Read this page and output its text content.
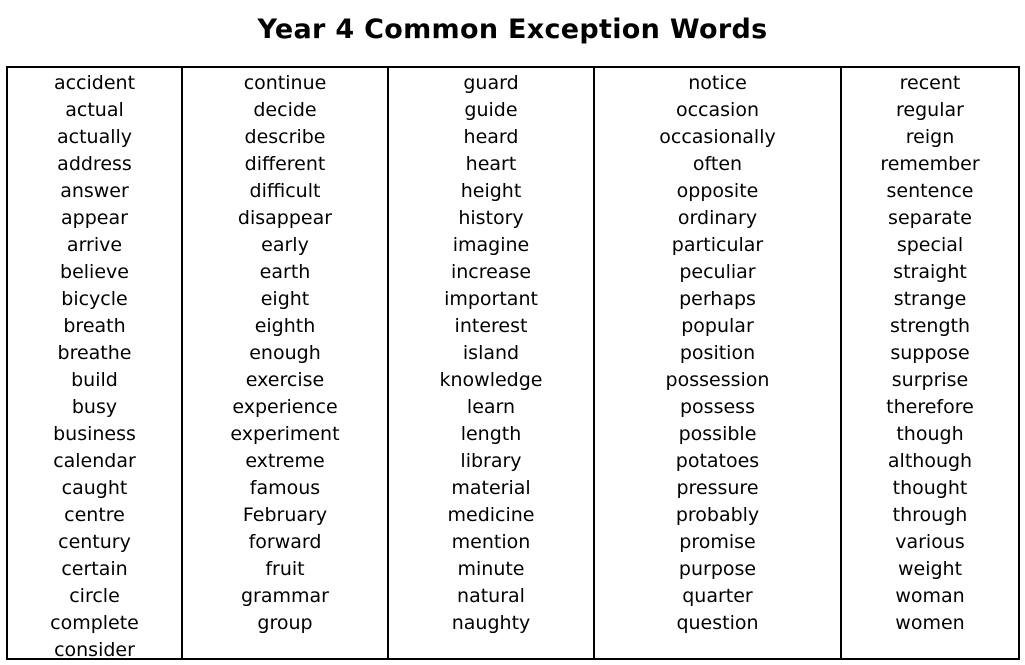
Year 4 Common Exception Words
accident
actual
actually
address
answer
appear
arrive
believe
bicycle
breath
breathe
build
busy
business
calendar
caught
centre
century
certain
circle
complete
consider
continue
decide
describe
different
difficult
disappear
early
earth
eight
eighth
enough
exercise
experience
experiment
extreme
famous
February
forward
fruit
grammar
group
guard
guide
heard
heart
height
history
imagine
increase
important
interest
island
knowledge
learn
length
library
material
medicine
mention
minute
natural
naughty
notice
occasion
occasionally
often
opposite
ordinary
particular
peculiar
perhaps
popular
position
possession
possess
possible
potatoes
pressure
probably
promise
purpose
quarter
question
recent
regular
reign
remember
sentence
separate
special
straight
strange
strength
suppose
surprise
therefore
though
although
thought
through
various
weight
woman
women
